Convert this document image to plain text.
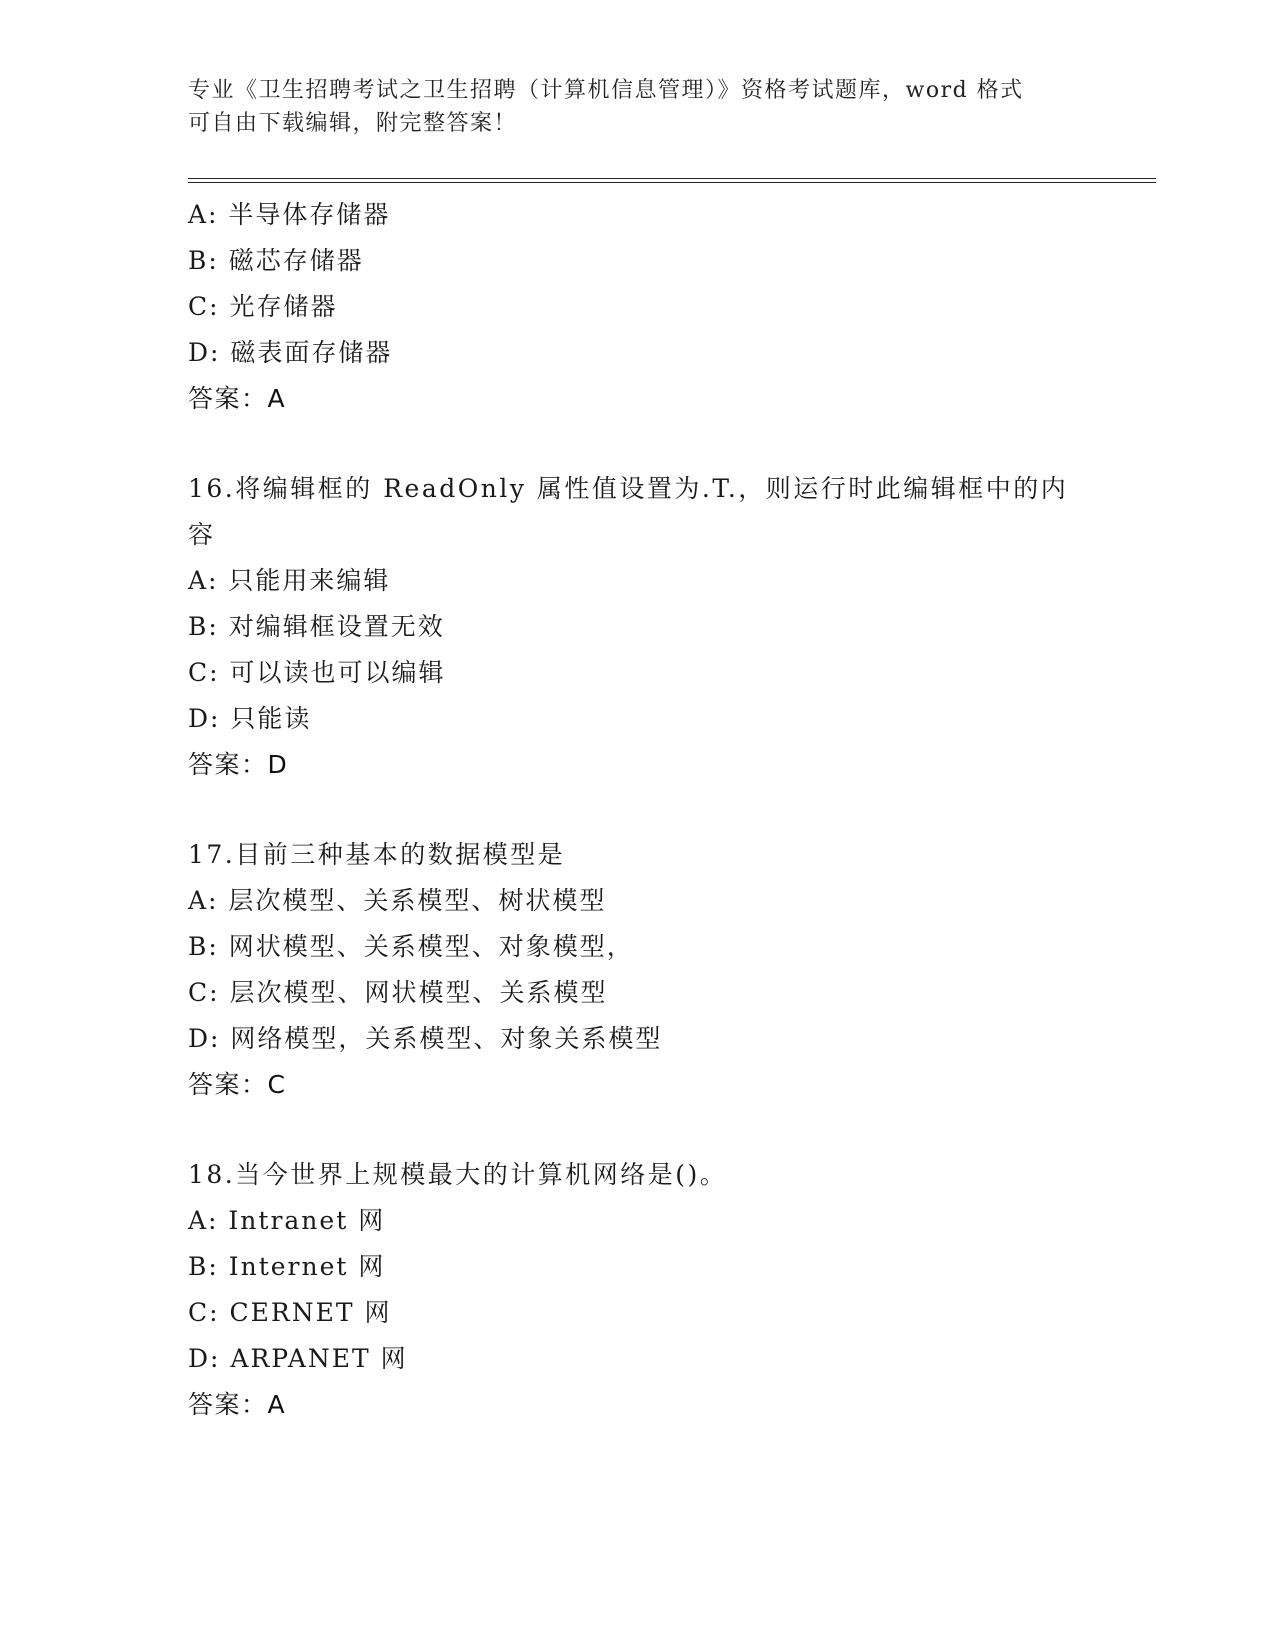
专业《卫生招聘考试之卫生招聘（计算机信息管理）》资格考试题库，word 格式
可自由下载编辑，附完整答案！
A: 半导体存储器
B: 磁芯存储器
C: 光存储器
D: 磁表面存储器
答案：A
16.将编辑框的 ReadOnly 属性值设置为.T.，则运行时此编辑框中的内
容
A: 只能用来编辑
B: 对编辑框设置无效
C: 可以读也可以编辑
D: 只能读
答案：D
17.目前三种基本的数据模型是
A: 层次模型、关系模型、树状模型
B: 网状模型、关系模型、对象模型，
C: 层次模型、网状模型、关系模型
D: 网络模型，关系模型、对象关系模型
答案：C
18.当今世界上规模最大的计算机网络是()。
A: Intranet 网
B: Internet 网
C: CERNET 网
D: ARPANET 网
答案：A
